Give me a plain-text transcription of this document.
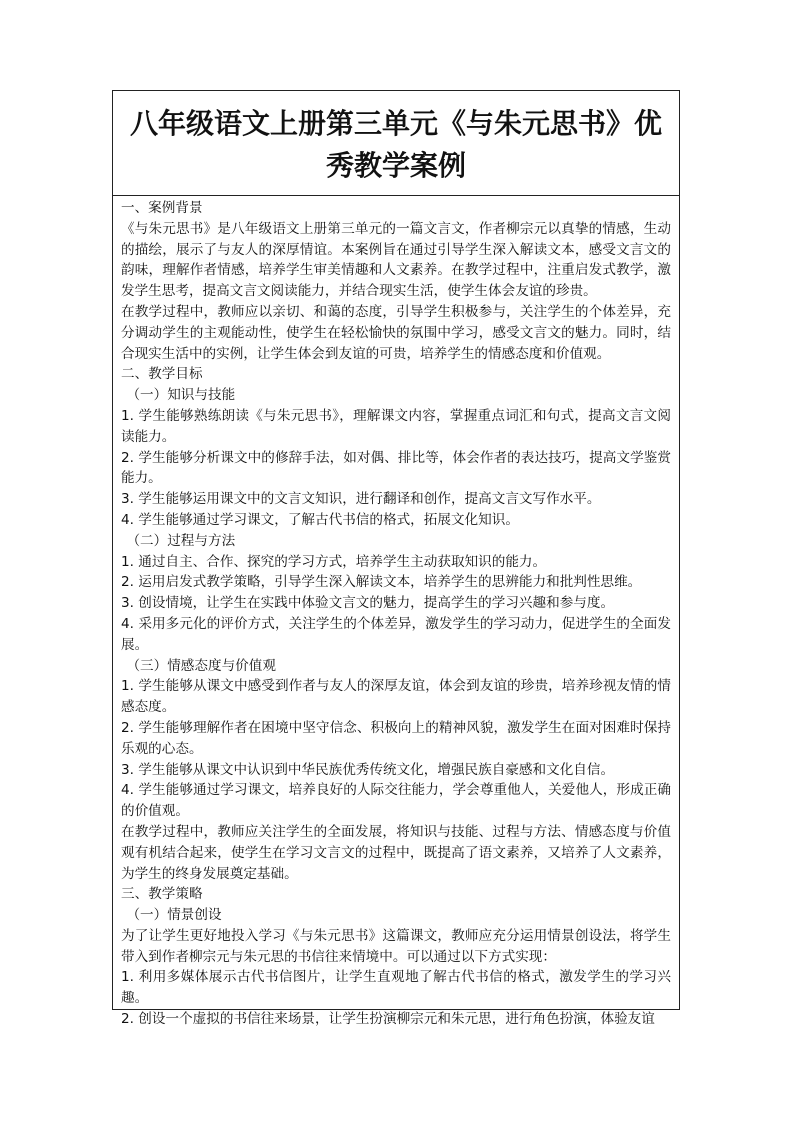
八年级语文上册第三单元《与朱元思书》优秀教学案例

一、案例背景

《与朱元思书》是八年级语文上册第三单元的一篇文言文，作者柳宗元以真挚的情感，生动的描绘，展示了与友人的深厚情谊。本案例旨在通过引导学生深入解读文本，感受文言文的韵味，理解作者情感，培养学生审美情趣和人文素养。在教学过程中，注重启发式教学，激发学生思考，提高文言文阅读能力，并结合现实生活，使学生体会友谊的珍贵。

在教学过程中，教师应以亲切、和蔼的态度，引导学生积极参与，关注学生的个体差异，充分调动学生的主观能动性，使学生在轻松愉快的氛围中学习，感受文言文的魅力。同时，结合现实生活中的实例，让学生体会到友谊的可贵，培养学生的情感态度和价值观。

二、教学目标

（一）知识与技能

1. 学生能够熟练朗读《与朱元思书》，理解课文内容，掌握重点词汇和句式，提高文言文阅读能力。

2. 学生能够分析课文中的修辞手法，如对偶、排比等，体会作者的表达技巧，提高文学鉴赏能力。

3. 学生能够运用课文中的文言文知识，进行翻译和创作，提高文言文写作水平。

4. 学生能够通过学习课文，了解古代书信的格式，拓展文化知识。

（二）过程与方法

1. 通过自主、合作、探究的学习方式，培养学生主动获取知识的能力。

2. 运用启发式教学策略，引导学生深入解读文本，培养学生的思辨能力和批判性思维。

3. 创设情境，让学生在实践中体验文言文的魅力，提高学生的学习兴趣和参与度。

4. 采用多元化的评价方式，关注学生的个体差异，激发学生的学习动力，促进学生的全面发展。

（三）情感态度与价值观

1. 学生能够从课文中感受到作者与友人的深厚友谊，体会到友谊的珍贵，培养珍视友情的情感态度。

2. 学生能够理解作者在困境中坚守信念、积极向上的精神风貌，激发学生在面对困难时保持乐观的心态。

3. 学生能够从课文中认识到中华民族优秀传统文化，增强民族自豪感和文化自信。

4. 学生能够通过学习课文，培养良好的人际交往能力，学会尊重他人，关爱他人，形成正确的价值观。

在教学过程中，教师应关注学生的全面发展，将知识与技能、过程与方法、情感态度与价值观有机结合起来，使学生在学习文言文的过程中，既提高了语文素养，又培养了人文素养，为学生的终身发展奠定基础。

三、教学策略

（一）情景创设

为了让学生更好地投入学习《与朱元思书》这篇课文，教师应充分运用情景创设法，将学生带入到作者柳宗元与朱元思的书信往来情境中。可以通过以下方式实现：

1. 利用多媒体展示古代书信图片，让学生直观地了解古代书信的格式，激发学生的学习兴趣。

2. 创设一个虚拟的书信往来场景，让学生扮演柳宗元和朱元思，进行角色扮演，体验友谊
